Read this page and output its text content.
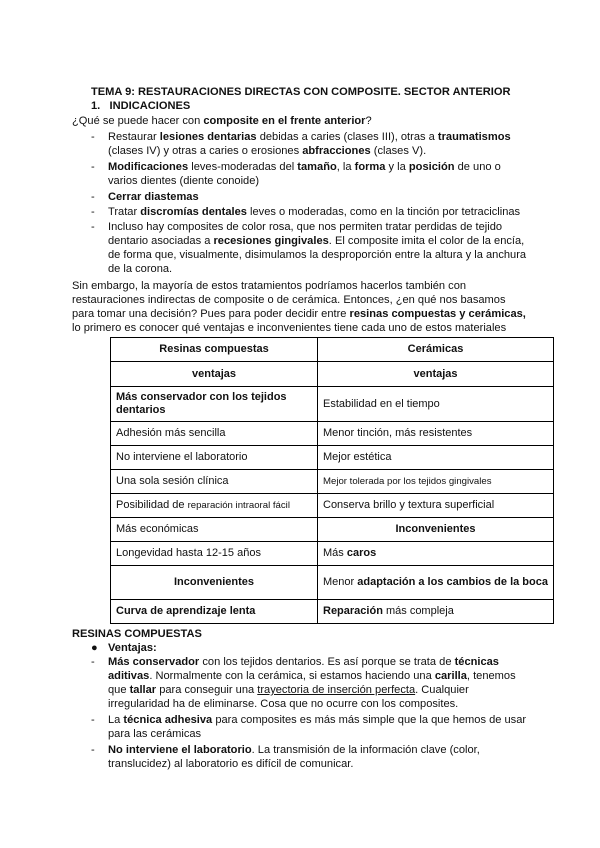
TEMA 9: RESTAURACIONES DIRECTAS CON COMPOSITE. SECTOR ANTERIOR
1. INDICACIONES
¿Qué se puede hacer con composite en el frente anterior?
- Restaurar lesiones dentarias debidas a caries (clases III), otras a traumatismos
(clases IV) y otras a caries o erosiones abfracciones (clases V).
- Modificaciones leves-moderadas del tamaño, la forma y la posición de uno o
varios dientes (diente conoide)
- Cerrar diastemas
- Tratar discromías dentales leves o moderadas, como en la tinción por tetraciclinas
- Incluso hay composites de color rosa, que nos permiten tratar perdidas de tejido
dentario asociadas a recesiones gingivales. El composite imita el color de la encía,
de forma que, visualmente, disimulamos la desproporción entre la altura y la anchura
de la corona.
Sin embargo, la mayoría de estos tratamientos podríamos hacerlos también con
restauraciones indirectas de composite o de cerámica. Entonces, ¿en qué nos basamos
para tomar una decisión? Pues para poder decidir entre resinas compuestas y cerámicas,
lo primero es conocer qué ventajas e inconvenientes tiene cada uno de estos materiales
Resinas compuestas	Cerámicas
ventajas	ventajas
Más conservador con los tejidos dentarios	Estabilidad en el tiempo
Adhesión más sencilla	Menor tinción, más resistentes
No interviene el laboratorio	Mejor estética
Una sola sesión clínica	Mejor tolerada por los tejidos gingivales
Posibilidad de reparación intraoral fácil	Conserva brillo y textura superficial
Más económicas	Inconvenientes
Longevidad hasta 12-15 años	Más caros
Inconvenientes	Menor adaptación a los cambios de la boca
Curva de aprendizaje lenta	Reparación más compleja
RESINAS COMPUESTAS
● Ventajas:
- Más conservador con los tejidos dentarios. Es así porque se trata de técnicas
aditivas. Normalmente con la cerámica, si estamos haciendo una carilla, tenemos
que tallar para conseguir una trayectoria de inserción perfecta. Cualquier
irregularidad ha de eliminarse. Cosa que no ocurre con los composites.
- La técnica adhesiva para composites es más más simple que la que hemos de usar
para las cerámicas
- No interviene el laboratorio. La transmisión de la información clave (color,
translucidez) al laboratorio es difícil de comunicar.
